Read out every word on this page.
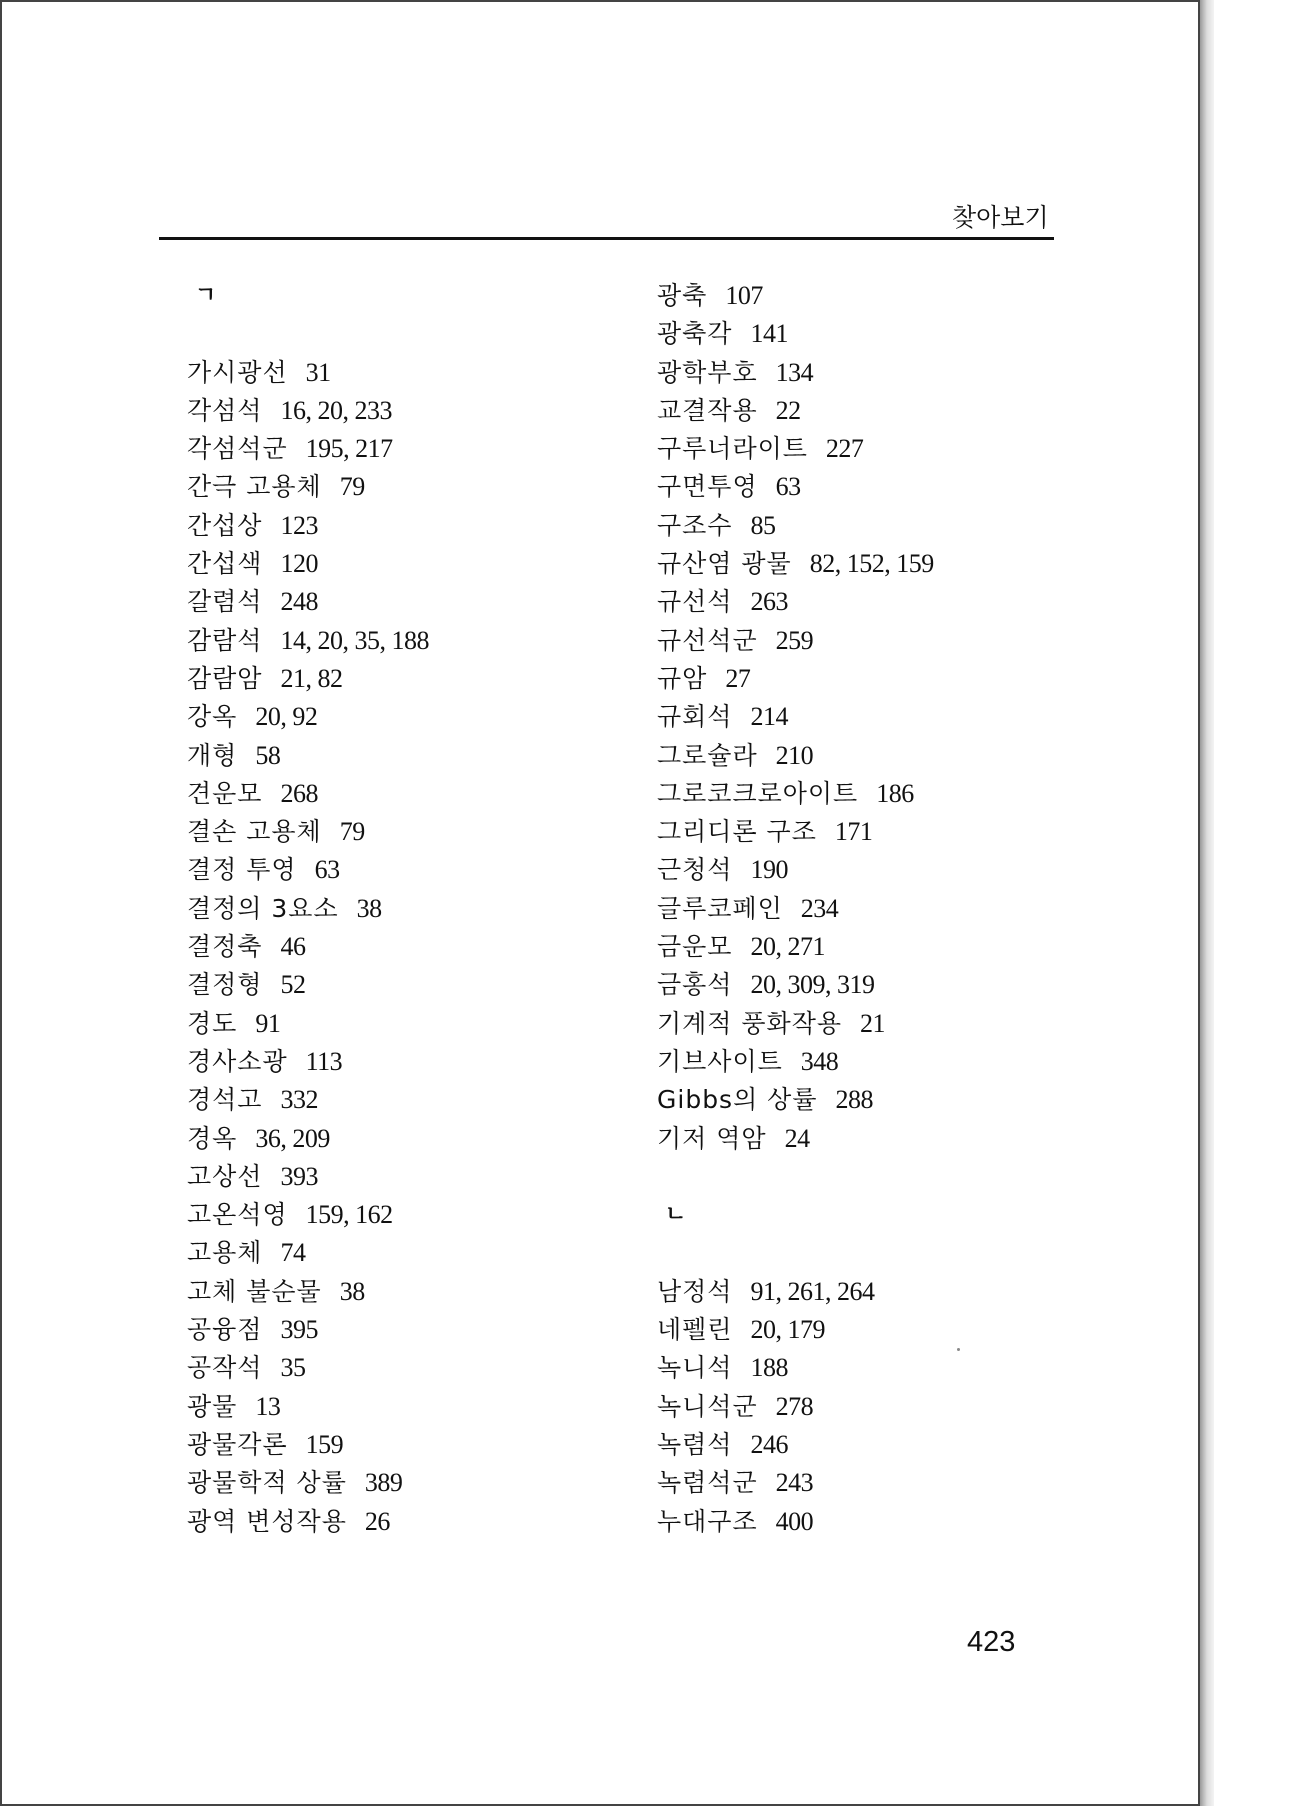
찾아보기
ㄱ
가시광선 31
각섬석 16, 20, 233
각섬석군 195, 217
간극 고용체 79
간섭상 123
간섭색 120
갈렴석 248
감람석 14, 20, 35, 188
감람암 21, 82
강옥 20, 92
개형 58
견운모 268
결손 고용체 79
결정 투영 63
결정의 3요소 38
결정축 46
결정형 52
경도 91
경사소광 113
경석고 332
경옥 36, 209
고상선 393
고온석영 159, 162
고용체 74
고체 불순물 38
공융점 395
공작석 35
광물 13
광물각론 159
광물학적 상률 389
광역 변성작용 26
광축 107
광축각 141
광학부호 134
교결작용 22
구루너라이트 227
구면투영 63
구조수 85
규산염 광물 82, 152, 159
규선석 263
규선석군 259
규암 27
규회석 214
그로슐라 210
그로코크로아이트 186
그리디론 구조 171
근청석 190
글루코페인 234
금운모 20, 271
금홍석 20, 309, 319
기계적 풍화작용 21
기브사이트 348
Gibbs의 상률 288
기저 역암 24
ㄴ
남정석 91, 261, 264
네펠린 20, 179
녹니석 188
녹니석군 278
녹렴석 246
녹렴석군 243
누대구조 400
423
